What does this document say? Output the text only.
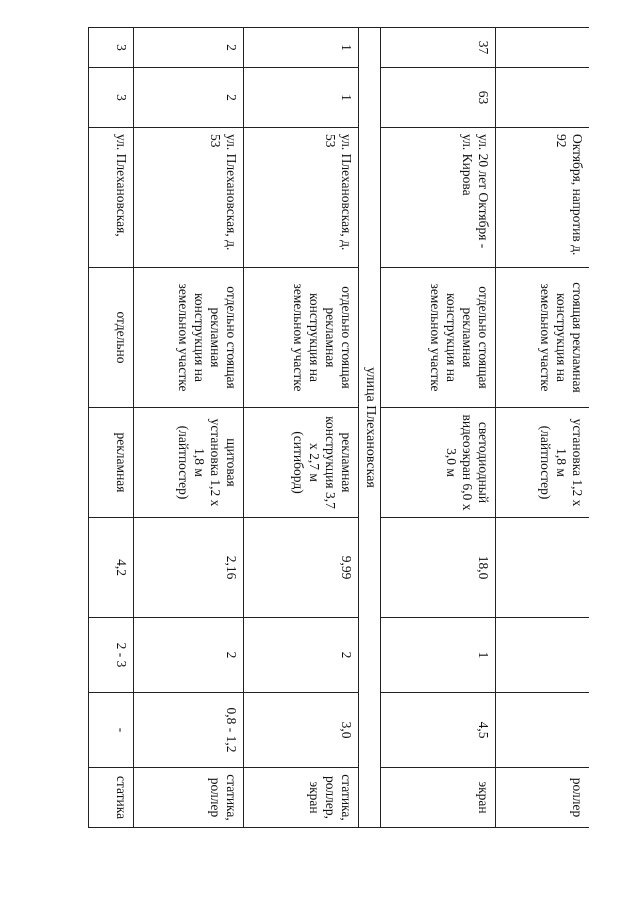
		Октября, напротив д. 92	стоящая рекламная конструкция на земельном участке	установка 1,2 х 1,8 м (лайтпостер)				роллер
37	63	ул. 20 лет Октября - ул. Кирова	отдельно стоящая рекламная конструкция на земельном участке	светодиодный видеоэкран 6,0 х 3,0 м	18,0	1	4,5	экран
улица Плехановская								
1	1	ул. Плехановская, д. 53	отдельно стоящая рекламная конструкция на земельном участке	рекламная конструкция 3,7 х 2,7 м (ситиборд)	9,99	2	3,0	статика, роллер, экран
2	2	ул. Плехановская, д. 53	отдельно стоящая рекламная конструкция на земельном участке	щитовая установка 1,2 х 1,8 м (лайтпостер)	2,16	2	0,8 - 1,2	статика, роллер
3	3	ул. Плехановская,	отдельно	рекламная	4,2	2 - 3	-	статика
